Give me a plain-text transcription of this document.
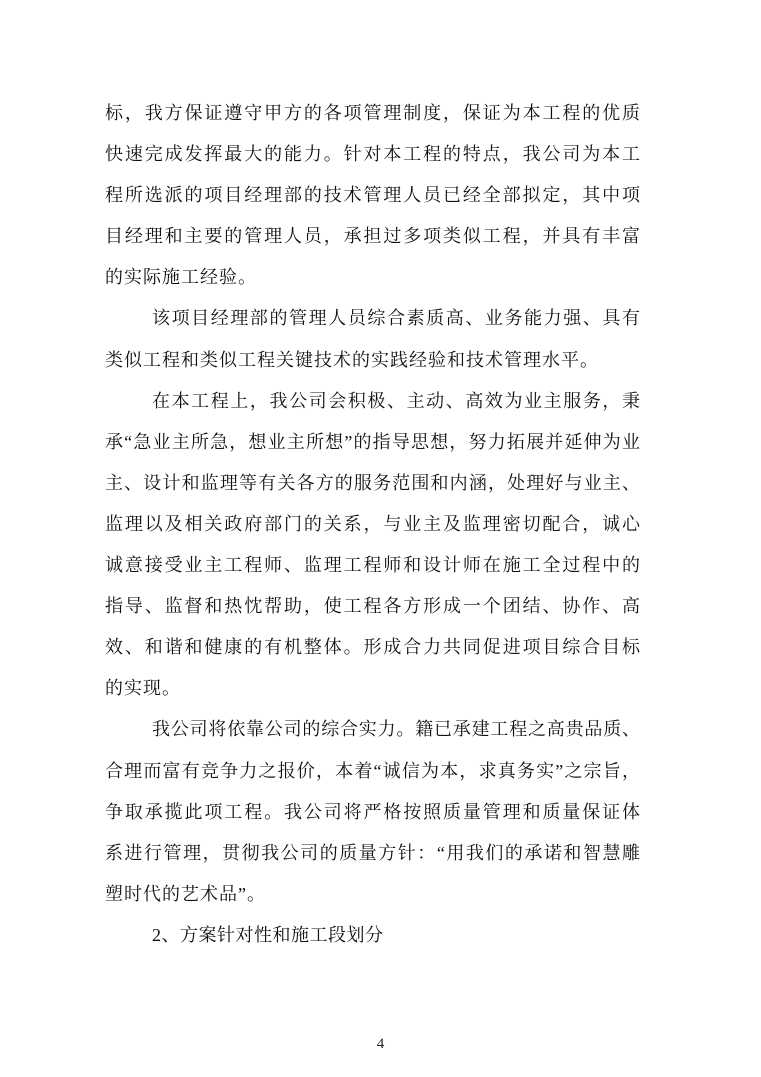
标，我方保证遵守甲方的各项管理制度，保证为本工程的优质
快速完成发挥最大的能力。针对本工程的特点，我公司为本工
程所选派的项目经理部的技术管理人员已经全部拟定，其中项
目经理和主要的管理人员，承担过多项类似工程，并具有丰富
的实际施工经验。
该项目经理部的管理人员综合素质高、业务能力强、具有
类似工程和类似工程关键技术的实践经验和技术管理水平。
在本工程上，我公司会积极、主动、高效为业主服务，秉
承“急业主所急，想业主所想”的指导思想，努力拓展并延伸为业
主、设计和监理等有关各方的服务范围和内涵，处理好与业主、
监理以及相关政府部门的关系，与业主及监理密切配合，诚心
诚意接受业主工程师、监理工程师和设计师在施工全过程中的
指导、监督和热忱帮助，使工程各方形成一个团结、协作、高
效、和谐和健康的有机整体。形成合力共同促进项目综合目标
的实现。
我公司将依靠公司的综合实力。籍已承建工程之高贵品质、
合理而富有竞争力之报价，本着“诚信为本，求真务实”之宗旨，
争取承揽此项工程。我公司将严格按照质量管理和质量保证体
系进行管理，贯彻我公司的质量方针：“用我们的承诺和智慧雕
塑时代的艺术品”。
2、方案针对性和施工段划分
4
